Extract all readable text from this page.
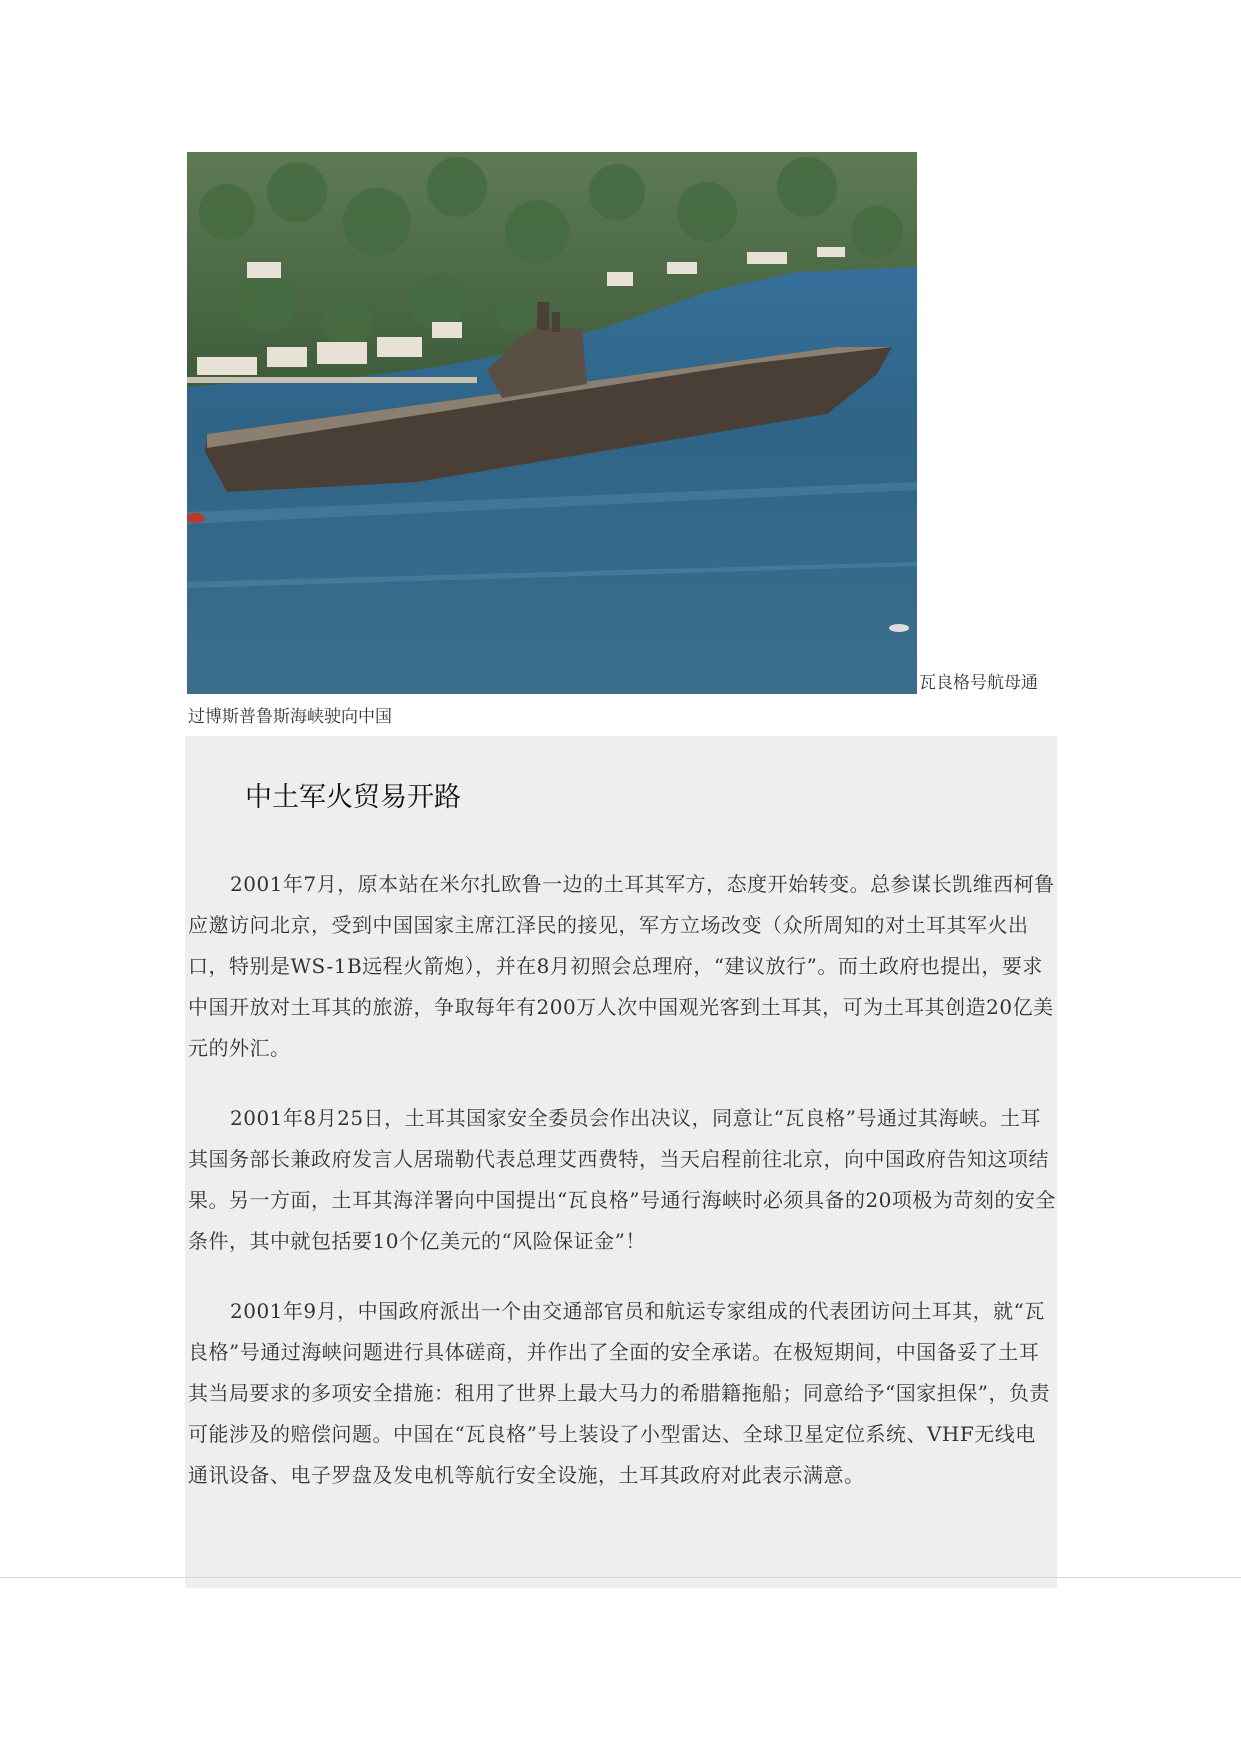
瓦良格号航母通
过博斯普鲁斯海峡驶向中国
中土军火贸易开路

2001年7月，原本站在米尔扎欧鲁一边的土耳其军方，态度开始转变。总参谋长凯维西柯鲁应邀访问北京，受到中国国家主席江泽民的接见，军方立场改变（众所周知的对土耳其军火出口，特别是WS-1B远程火箭炮），并在8月初照会总理府，“建议放行”。而土政府也提出，要求中国开放对土耳其的旅游，争取每年有200万人次中国观光客到土耳其，可为土耳其创造20亿美元的外汇。

2001年8月25日，土耳其国家安全委员会作出决议，同意让“瓦良格”号通过其海峡。土耳其国务部长兼政府发言人居瑞勒代表总理艾西费特，当天启程前往北京，向中国政府告知这项结果。另一方面，土耳其海洋署向中国提出“瓦良格”号通行海峡时必须具备的20项极为苛刻的安全条件，其中就包括要10个亿美元的“风险保证金”！

2001年9月，中国政府派出一个由交通部官员和航运专家组成的代表团访问土耳其，就“瓦良格”号通过海峡问题进行具体磋商，并作出了全面的安全承诺。在极短期间，中国备妥了土耳其当局要求的多项安全措施：租用了世界上最大马力的希腊籍拖船；同意给予“国家担保”，负责可能涉及的赔偿问题。中国在“瓦良格”号上装设了小型雷达、全球卫星定位系统、VHF无线电通讯设备、电子罗盘及发电机等航行安全设施，土耳其政府对此表示满意。
